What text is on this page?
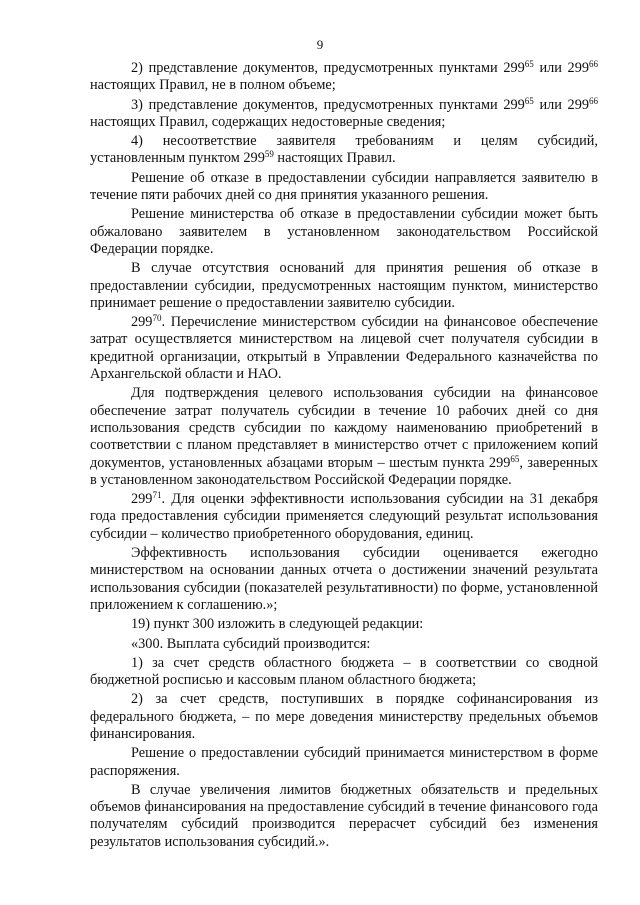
9

2) представление документов, предусмотренных пунктами $299^{65}$ или $299^{66}$ настоящих Правил, не в полном объеме;

3) представление документов, предусмотренных пунктами $299^{65}$ или $299^{66}$ настоящих Правил, содержащих недостоверные сведения;

4) несоответствие заявителя требованиям и целям субсидий, установленным пунктом $299^{59}$ настоящих Правил.

Решение об отказе в предоставлении субсидии направляется заявителю в течение пяти рабочих дней со дня принятия указанного решения.

Решение министерства об отказе в предоставлении субсидии может быть обжаловано заявителем в установленном законодательством Российской Федерации порядке.

В случае отсутствия оснований для принятия решения об отказе в предоставлении субсидии, предусмотренных настоящим пунктом, министерство принимает решение о предоставлении заявителю субсидии.

$299^{70}$. Перечисление министерством субсидии на финансовое обеспечение затрат осуществляется министерством на лицевой счет получателя субсидии в кредитной организации, открытый в Управлении Федерального казначейства по Архангельской области и НАО.

Для подтверждения целевого использования субсидии на финансовое обеспечение затрат получатель субсидии в течение 10 рабочих дней со дня использования средств субсидии по каждому наименованию приобретений в соответствии с планом представляет в министерство отчет с приложением копий документов, установленных абзацами вторым – шестым пункта $299^{65}$, заверенных в установленном законодательством Российской Федерации порядке.

$299^{71}$. Для оценки эффективности использования субсидии на 31 декабря года предоставления субсидии применяется следующий результат использования субсидии – количество приобретенного оборудования, единиц.

Эффективность использования субсидии оценивается ежегодно министерством на основании данных отчета о достижении значений результата использования субсидии (показателей результативности) по форме, установленной приложением к соглашению.»;

19) пункт 300 изложить в следующей редакции:

«300. Выплата субсидий производится:

1) за счет средств областного бюджета – в соответствии со сводной бюджетной росписью и кассовым планом областного бюджета;

2) за счет средств, поступивших в порядке софинансирования из федерального бюджета, – по мере доведения министерству предельных объемов финансирования.

Решение о предоставлении субсидий принимается министерством в форме распоряжения.

В случае увеличения лимитов бюджетных обязательств и предельных объемов финансирования на предоставление субсидий в течение финансового года получателям субсидий производится перерасчет субсидий без изменения результатов использования субсидий.».
